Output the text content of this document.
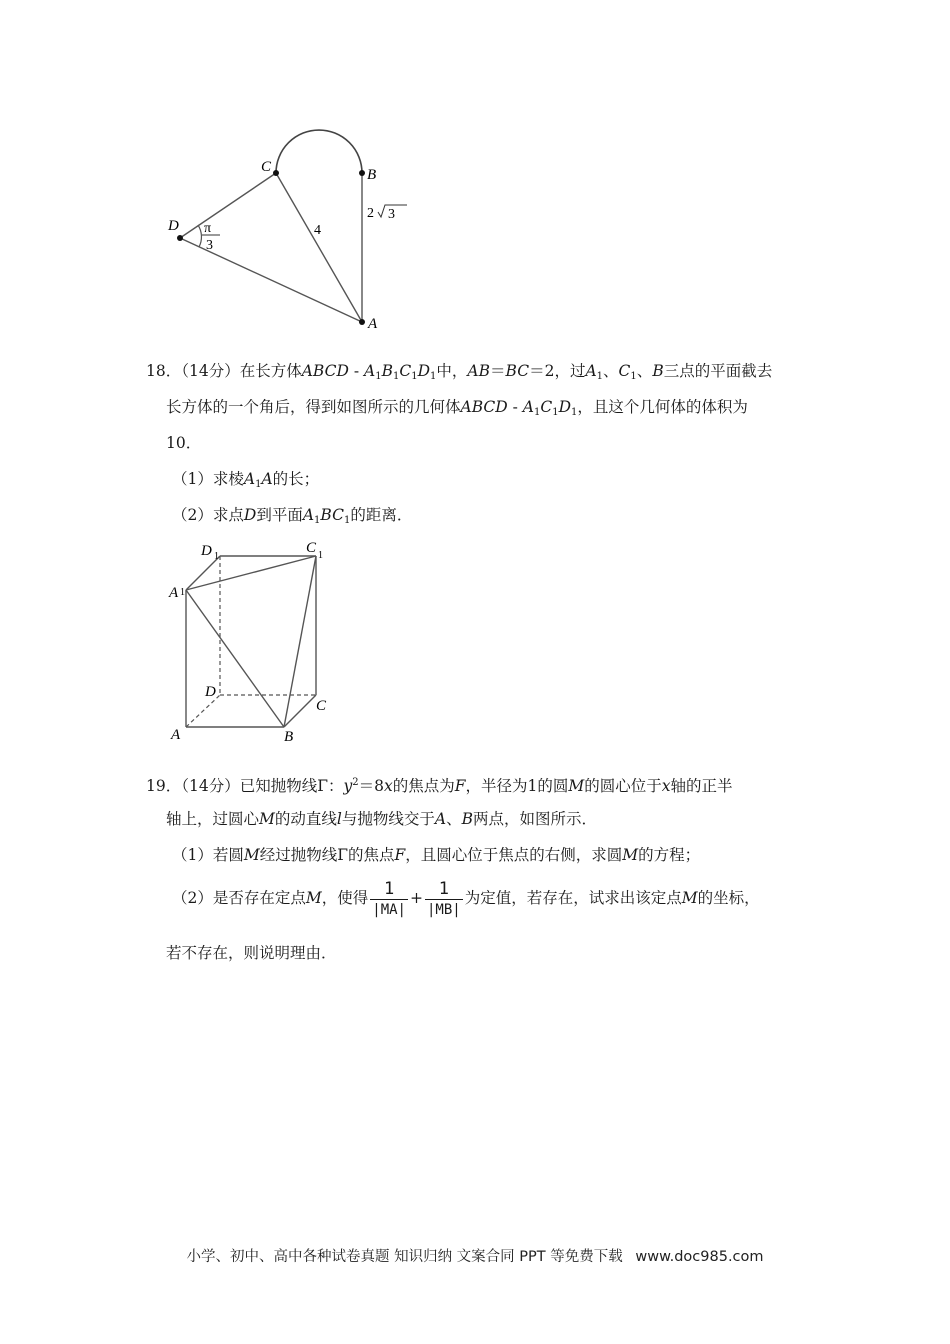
C	B
D
A
π
3
4
2 3
18．（14分）在长方体ABCD - $A_1B_1C_1D_1$中，AB＝BC＝2，过$A_1$、$C_1$、B三点的平面截去
长方体的一个角后，得到如图所示的几何体ABCD - $A_1C_1D_1$，且这个几何体的体积为
10．
（1）求棱$A_1A$的长；
（2）求点D到平面$A_1BC_1$的距离．
D 1
C 1
A 1
D
C
A	B
19．（14分）已知抛物线Γ：$y^2=8x$的焦点为F，半径为1的圆M的圆心位于x轴的正半
轴上，过圆心M的动直线l与抛物线交于A、B两点，如图所示．
（1）若圆M经过抛物线Γ的焦点F，且圆心位于焦点的右侧，求圆M的方程；
（2）是否存在定点M，使得 $\frac{1}{|MA|} + \frac{1}{|MB|}$ 为定值，若存在，试求出该定点M的坐标，
若不存在，则说明理由．
小学、初中、高中各种试卷真题 知识归纳 文案合同 PPT 等免费下载 www.doc985.com
